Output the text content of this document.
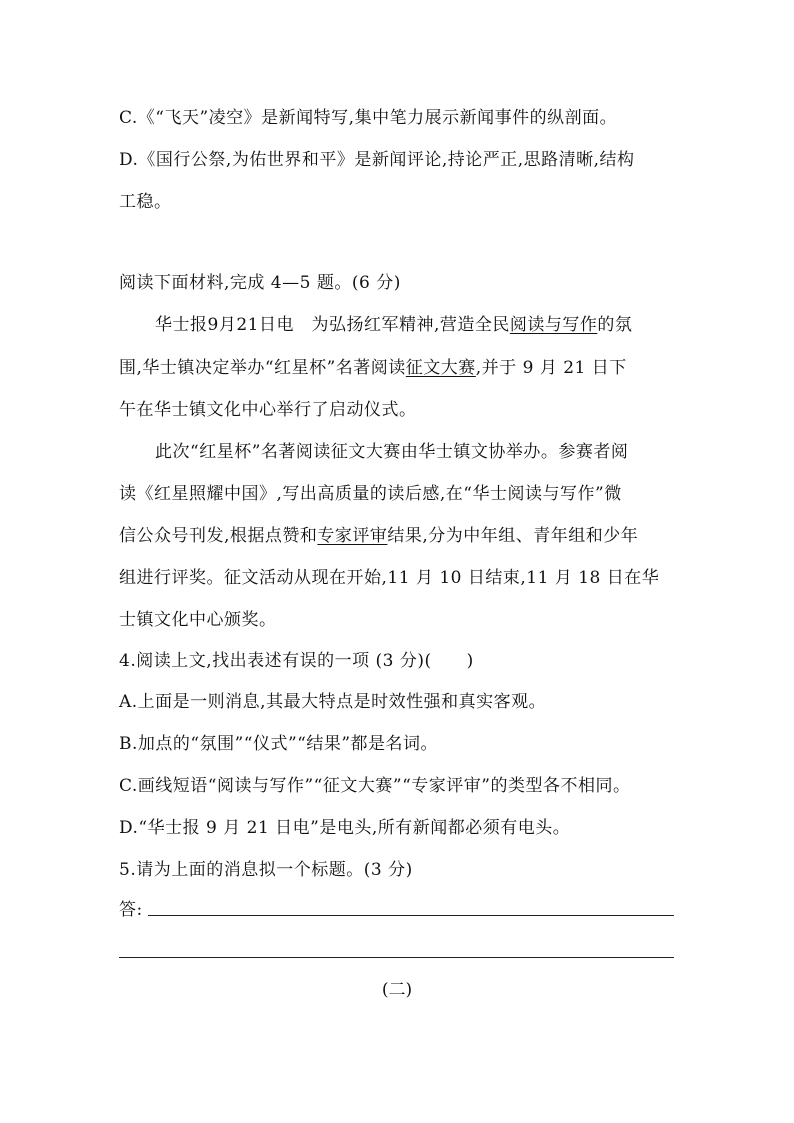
C.《“飞天”凌空》是新闻特写,集中笔力展示新闻事件的纵剖面。
D.《国行公祭,为佑世界和平》是新闻评论,持论严正,思路清晰,结构
工稳。
阅读下面材料,完成 4—5 题。(6 分)
华士报9月21日电　为弘扬红军精神,营造全民阅读与写作的氛
围,华士镇决定举办“红星杯”名著阅读征文大赛,并于 9 月 21 日下
午在华士镇文化中心举行了启动仪式。
此次“红星杯”名著阅读征文大赛由华士镇文协举办。参赛者阅
读《红星照耀中国》,写出高质量的读后感,在“华士阅读与写作”微
信公众号刊发,根据点赞和专家评审结果,分为中年组、青年组和少年
组进行评奖。征文活动从现在开始,11 月 10 日结束,11 月 18 日在华
士镇文化中心颁奖。
4.阅读上文,找出表述有误的一项 (3 分)(　　)
A.上面是一则消息,其最大特点是时效性强和真实客观。
B.加点的“氛围”“仪式”“结果”都是名词。
C.画线短语“阅读与写作”“征文大赛”“专家评审”的类型各不相同。
D.“华士报 9 月 21 日电”是电头,所有新闻都必须有电头。
5.请为上面的消息拟一个标题。(3 分)
答:
(二)
